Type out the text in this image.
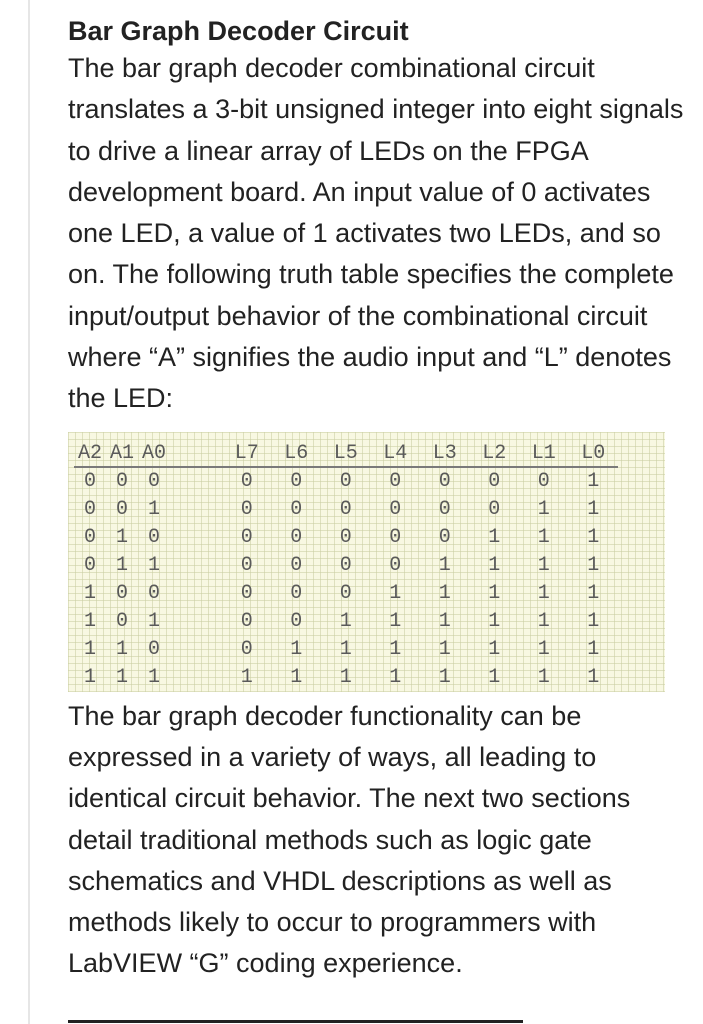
Bar Graph Decoder Circuit

The bar graph decoder combinational circuit translates a 3-bit unsigned integer into eight signals to drive a linear array of LEDs on the FPGA development board. An input value of 0 activates one LED, a value of 1 activates two LEDs, and so on. The following truth table specifies the complete input/output behavior of the combinational circuit where “A” signifies the audio input and “L” denotes the LED:

A2	A1	A0		L7	L6	L5	L4	L3	L2	L1	L0
0	0	0		0	0	0	0	0	0	0	1
0	0	1		0	0	0	0	0	0	1	1
0	1	0		0	0	0	0	0	1	1	1
0	1	1		0	0	0	0	1	1	1	1
1	0	0		0	0	0	1	1	1	1	1
1	0	1		0	0	1	1	1	1	1	1
1	1	0		0	1	1	1	1	1	1	1
1	1	1		1	1	1	1	1	1	1	1

The bar graph decoder functionality can be expressed in a variety of ways, all leading to identical circuit behavior. The next two sections detail traditional methods such as logic gate schematics and VHDL descriptions as well as methods likely to occur to programmers with LabVIEW “G” coding experience.
